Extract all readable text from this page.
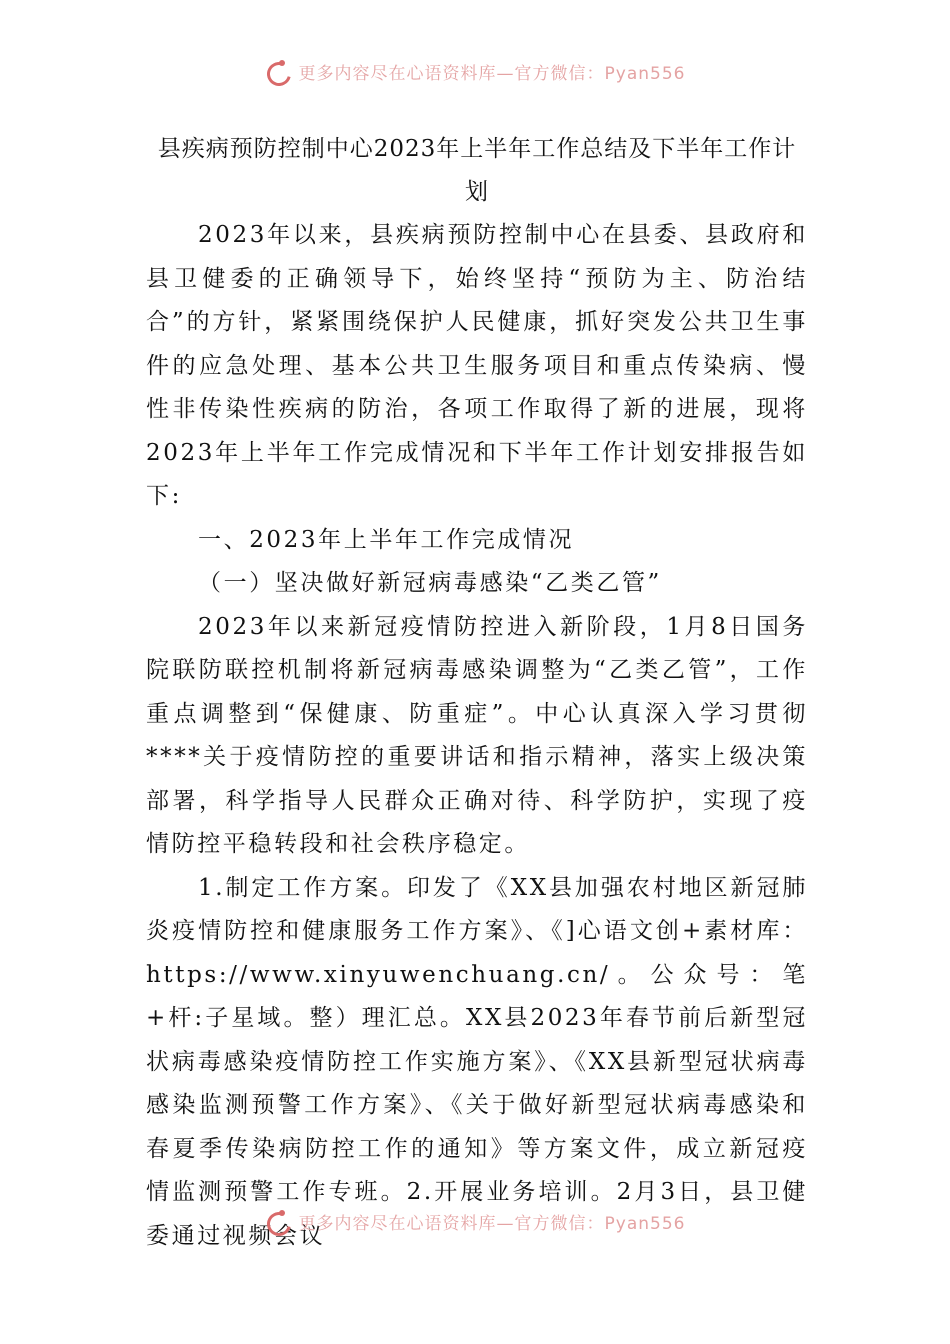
更多内容尽在心语资料库—官方微信：Pyan556
县疾病预防控制中心2023年上半年工作总结及下半年工作计划

2023年以来，县疾病预防控制中心在县委、县政府和县卫健委的正确领导下，始终坚持“预防为主、防治结合”的方针，紧紧围绕保护人民健康，抓好突发公共卫生事件的应急处理、基本公共卫生服务项目和重点传染病、慢性非传染性疾病的防治，各项工作取得了新的进展，现将2023年上半年工作完成情况和下半年工作计划安排报告如下:

一、2023年上半年工作完成情况

（一）坚决做好新冠病毒感染“乙类乙管”

2023年以来新冠疫情防控进入新阶段，1月8日国务院联防联控机制将新冠病毒感染调整为“乙类乙管”，工作重点调整到“保健康、防重症”。中心认真深入学习贯彻****关于疫情防控的重要讲话和指示精神，落实上级决策部署，科学指导人民群众正确对待、科学防护，实现了疫情防控平稳转段和社会秩序稳定。

1.制定工作方案。印发了《XX县加强农村地区新冠肺炎疫情防控和健康服务工作方案》、《]心语文创+素材库：https://www.xinyuwenchuang.cn/。公众号：笔+杆:子星域。整）理汇总。XX县2023年春节前后新型冠状病毒感染疫情防控工作实施方案》、《XX县新型冠状病毒感染监测预警工作方案》、《关于做好新型冠状病毒感染和春夏季传染病防控工作的通知》等方案文件，成立新冠疫情监测预警工作专班。2.开展业务培训。2月3日，县卫健委通过视频会议

更多内容尽在心语资料库—官方微信：Pyan556
